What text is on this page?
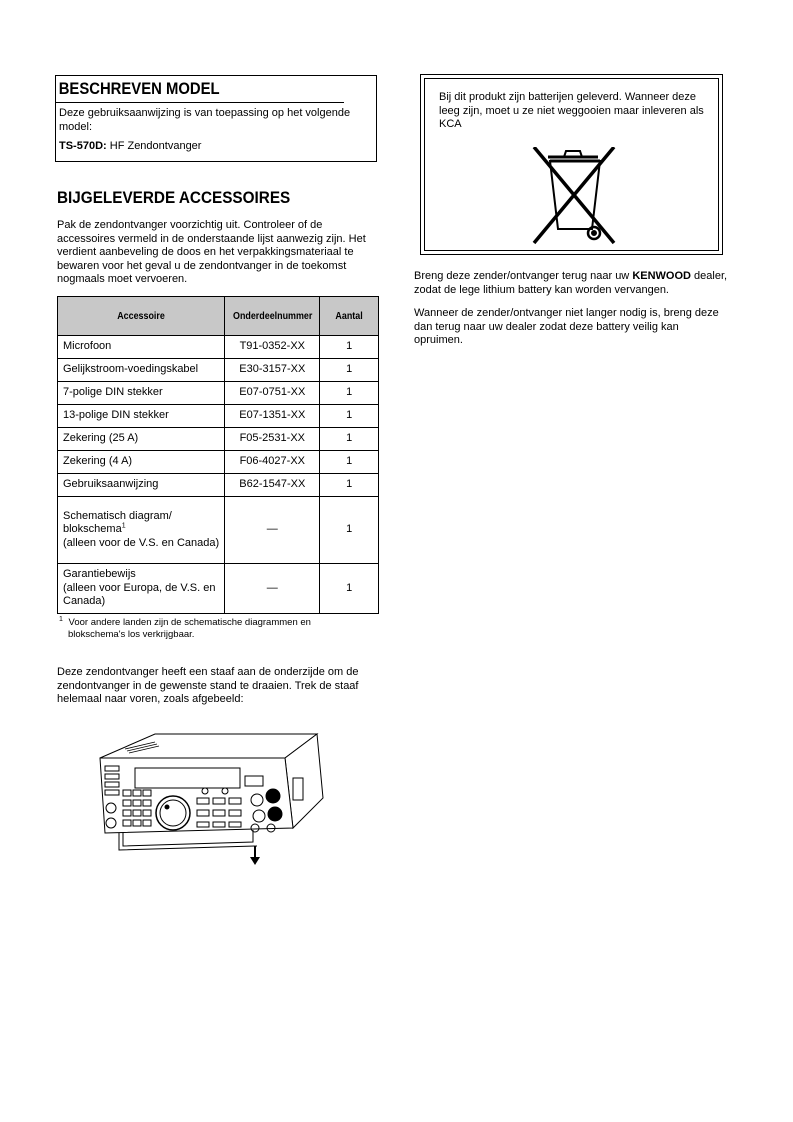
BESCHREVEN MODEL

Deze gebruiksaanwijzing is van toepassing op het volgende model:

TS-570D: HF Zendontvanger

BIJGELEVERDE ACCESSOIRES

Pak de zendontvanger voorzichtig uit. Controleer of de accessoires vermeld in de onderstaande lijst aanwezig zijn. Het verdient aanbeveling de doos en het verpakkingsmateriaal te bewaren voor het geval u de zendontvanger in de toekomst nogmaals moet vervoeren.

Accessoire	Onderdeelnummer	Aantal
Microfoon	T91-0352-XX	1
Gelijkstroom-voedingskabel	E30-3157-XX	1
7-polige DIN stekker	E07-0751-XX	1
13-polige DIN stekker	E07-1351-XX	1
Zekering (25 A)	F05-2531-XX	1
Zekering (4 A)	F06-4027-XX	1
Gebruiksaanwijzing	B62-1547-XX	1
Schematisch diagram/
blokschema$^1$
(alleen voor de V.S. en Canada)	—	1
Garantiebewijs
(alleen voor Europa, de V.S. en Canada)	—	1
$^1$ Voor andere landen zijn de schematische diagrammen en
blokschema's los verkrijgbaar.

Deze zendontvanger heeft een staaf aan de onderzijde om de zendontvanger in de gewenste stand te draaien. Trek de staaf helemaal naar voren, zoals afgebeeld:

Bij dit produkt zijn batterijen geleverd. Wanneer deze leeg zijn, moet u ze niet weggooien maar inleveren als KCA

Breng deze zender/ontvanger terug naar uw KENWOOD dealer, zodat de lege lithium battery kan worden vervangen.

Wanneer de zender/ontvanger niet langer nodig is, breng deze dan terug naar uw dealer zodat deze battery veilig kan opruimen.
